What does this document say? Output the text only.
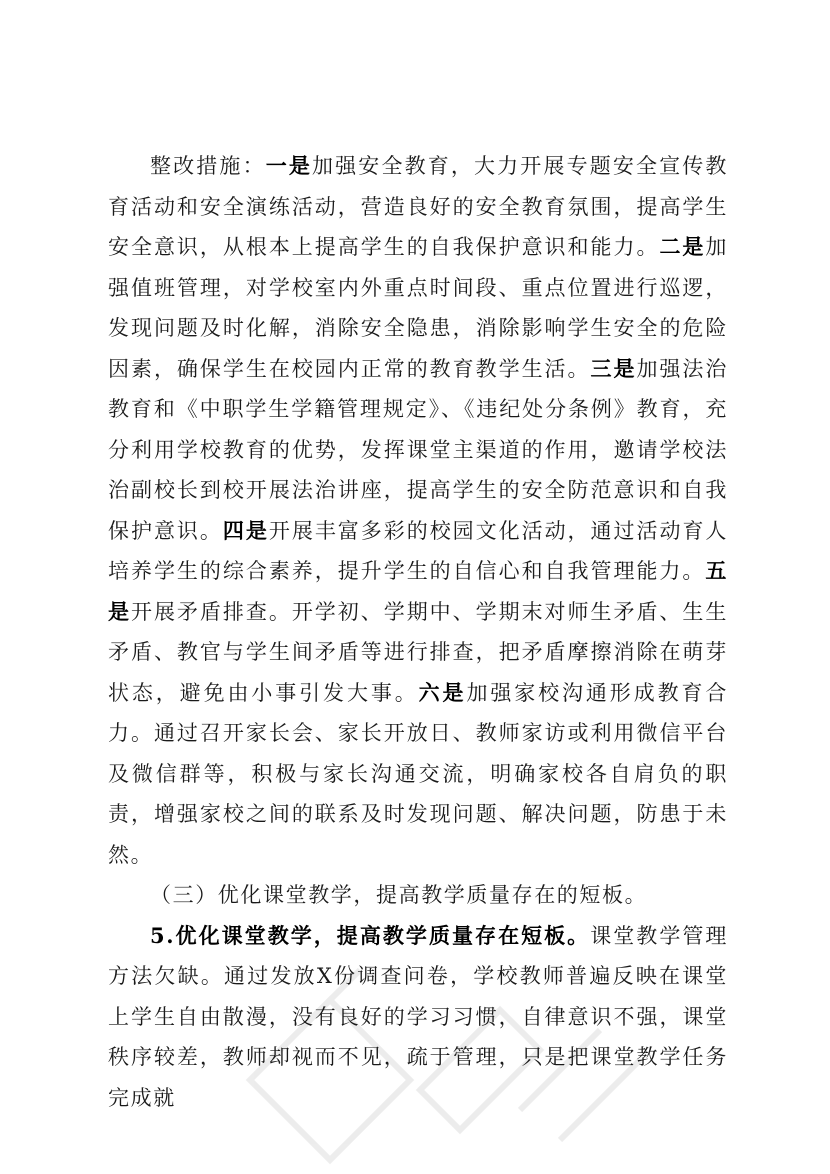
整改措施：一是加强安全教育，大力开展专题安全宣传教育活动和安全演练活动，营造良好的安全教育氛围，提高学生安全意识，从根本上提高学生的自我保护意识和能力。二是加强值班管理，对学校室内外重点时间段、重点位置进行巡逻，发现问题及时化解，消除安全隐患，消除影响学生安全的危险因素，确保学生在校园内正常的教育教学生活。三是加强法治教育和《中职学生学籍管理规定》、《违纪处分条例》教育，充分利用学校教育的优势，发挥课堂主渠道的作用，邀请学校法治副校长到校开展法治讲座，提高学生的安全防范意识和自我保护意识。四是开展丰富多彩的校园文化活动，通过活动育人培养学生的综合素养，提升学生的自信心和自我管理能力。五是开展矛盾排查。开学初、学期中、学期末对师生矛盾、生生矛盾、教官与学生间矛盾等进行排查，把矛盾摩擦消除在萌芽状态，避免由小事引发大事。六是加强家校沟通形成教育合力。通过召开家长会、家长开放日、教师家访或利用微信平台及微信群等，积极与家长沟通交流，明确家校各自肩负的职责，增强家校之间的联系及时发现问题、解决问题，防患于未然。

（三）优化课堂教学，提高教学质量存在的短板。

5.优化课堂教学，提高教学质量存在短板。课堂教学管理方法欠缺。通过发放X份调查问卷，学校教师普遍反映在课堂上学生自由散漫，没有良好的学习习惯，自律意识不强，课堂秩序较差，教师却视而不见，疏于管理，只是把课堂教学任务完成就
